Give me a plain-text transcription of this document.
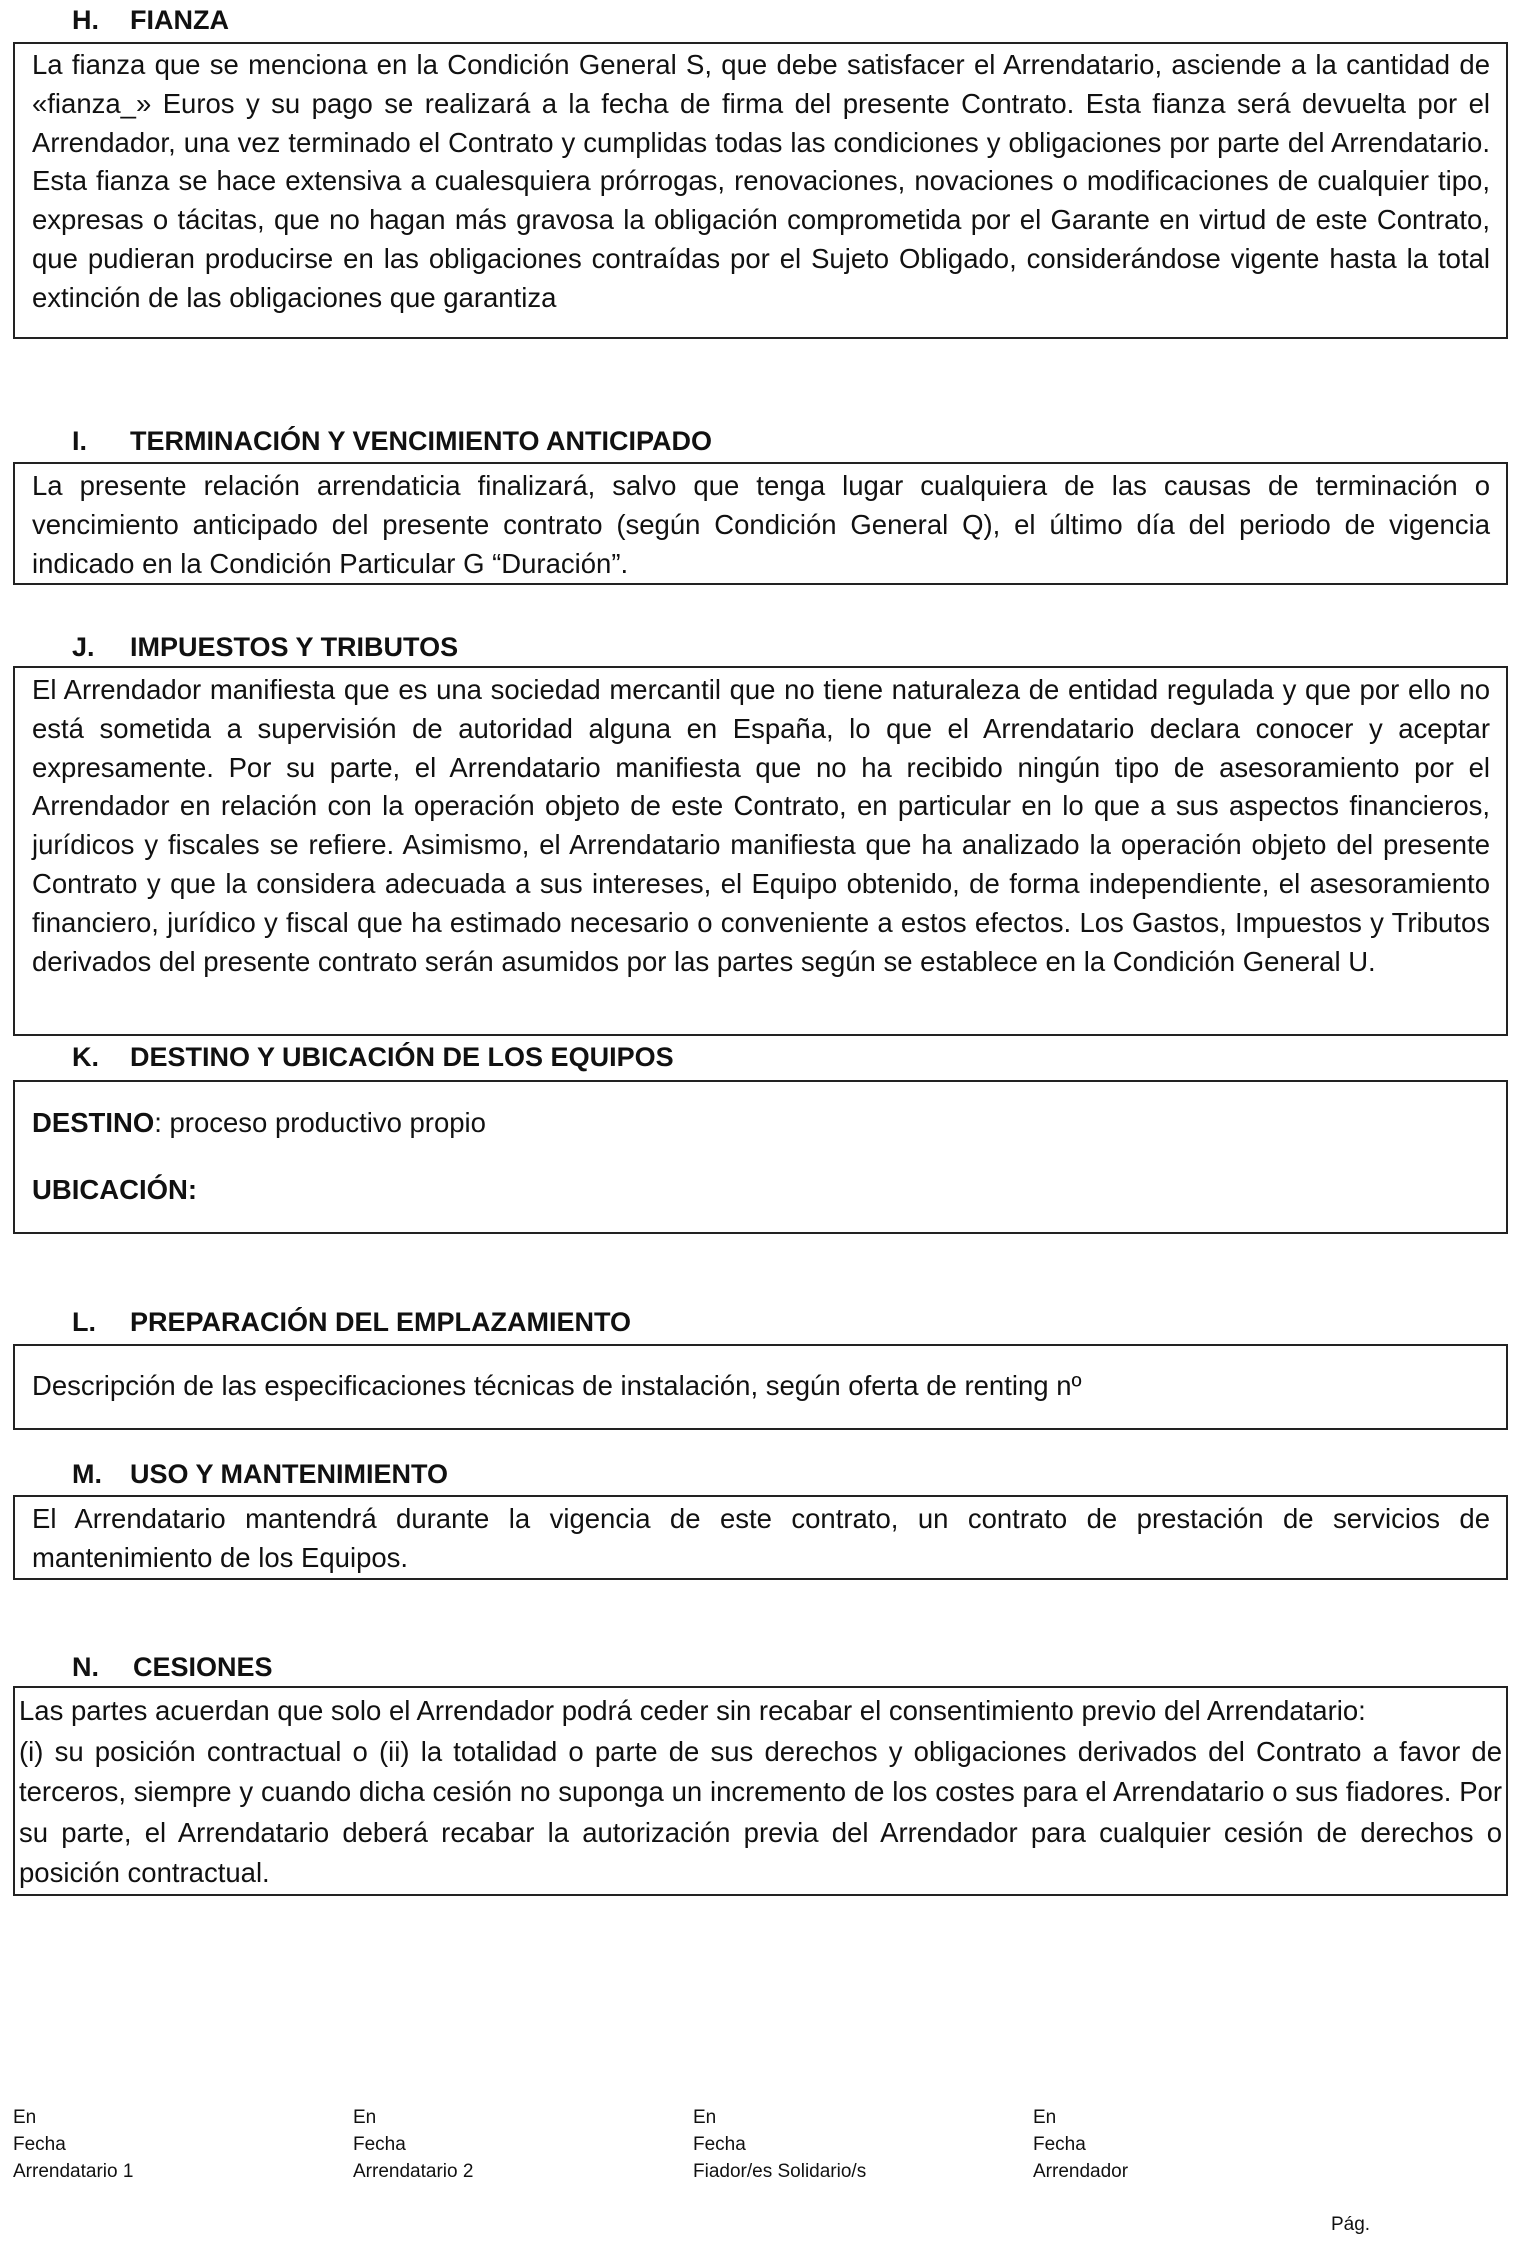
H. FIANZA

La fianza que se menciona en la Condición General S, que debe satisfacer el Arrendatario, asciende a la cantidad de «fianza_» Euros y su pago se realizará a la fecha de firma del presente Contrato. Esta fianza será devuelta por el Arrendador, una vez terminado el Contrato y cumplidas todas las condiciones y obligaciones por parte del Arrendatario. Esta fianza se hace extensiva a cualesquiera prórrogas, renovaciones, novaciones o modificaciones de cualquier tipo, expresas o tácitas, que no hagan más gravosa la obligación comprometida por el Garante en virtud de este Contrato, que pudieran producirse en las obligaciones contraídas por el Sujeto Obligado, considerándose vigente hasta la total extinción de las obligaciones que garantiza

I. TERMINACIÓN Y VENCIMIENTO ANTICIPADO

La presente relación arrendaticia finalizará, salvo que tenga lugar cualquiera de las causas de terminación o vencimiento anticipado del presente contrato (según Condición General Q), el último día del periodo de vigencia indicado en la Condición Particular G “Duración”.

J. IMPUESTOS Y TRIBUTOS

El Arrendador manifiesta que es una sociedad mercantil que no tiene naturaleza de entidad regulada y que por ello no está sometida a supervisión de autoridad alguna en España, lo que el Arrendatario declara conocer y aceptar expresamente. Por su parte, el Arrendatario manifiesta que no ha recibido ningún tipo de asesoramiento por el Arrendador en relación con la operación objeto de este Contrato, en particular en lo que a sus aspectos financieros, jurídicos y fiscales se refiere. Asimismo, el Arrendatario manifiesta que ha analizado la operación objeto del presente Contrato y que la considera adecuada a sus intereses, el Equipo obtenido, de forma independiente, el asesoramiento financiero, jurídico y fiscal que ha estimado necesario o conveniente a estos efectos. Los Gastos, Impuestos y Tributos derivados del presente contrato serán asumidos por las partes según se establece en la Condición General U.

K. DESTINO Y UBICACIÓN DE LOS EQUIPOS
DESTINO: proceso productivo propio
UBICACIÓN:
L. PREPARACIÓN DEL EMPLAZAMIENTO
Descripción de las especificaciones técnicas de instalación, según oferta de renting nº
M. USO Y MANTENIMIENTO

El Arrendatario mantendrá durante la vigencia de este contrato, un contrato de prestación de servicios de mantenimiento de los Equipos.

N. CESIONES

Las partes acuerdan que solo el Arrendador podrá ceder sin recabar el consentimiento previo del Arrendatario:

(i) su posición contractual o (ii) la totalidad o parte de sus derechos y obligaciones derivados del Contrato a favor de terceros, siempre y cuando dicha cesión no suponga un incremento de los costes para el Arrendatario o sus fiadores. Por su parte, el Arrendatario deberá recabar la autorización previa del Arrendador para cualquier cesión de derechos o posición contractual.

En
Fecha
Arrendatario 1
En
Fecha
Arrendatario 2
En
Fecha
Fiador/es Solidario/s
En
Fecha
Arrendador
Pág.
